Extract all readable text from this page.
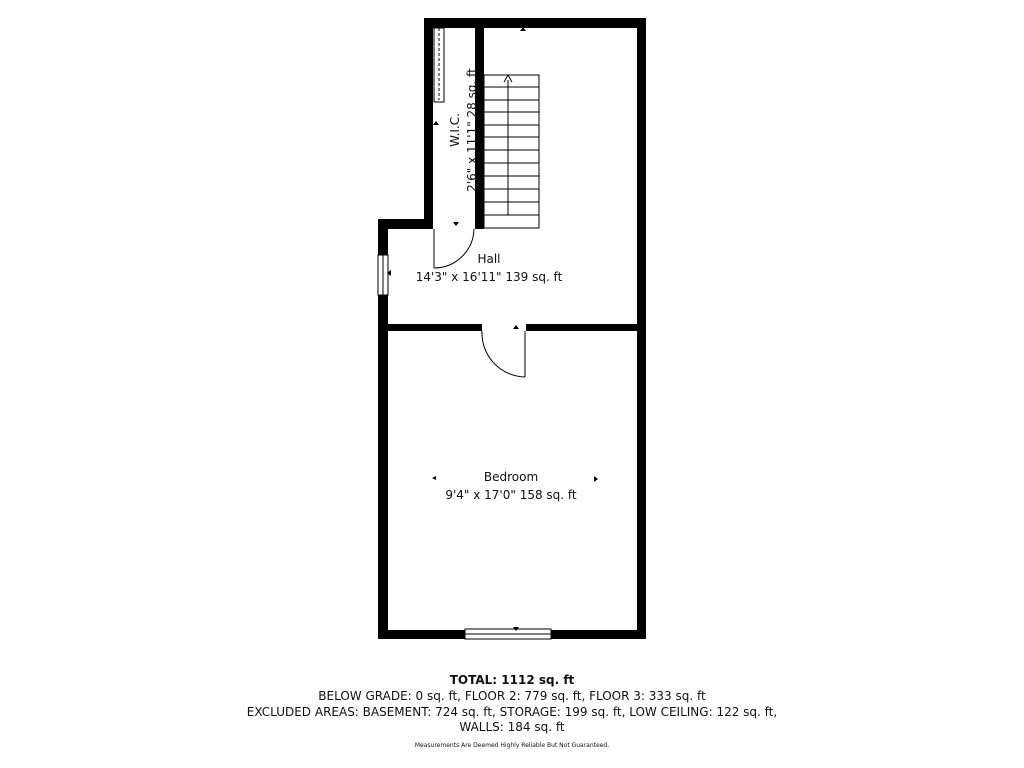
W.I.C. 2'6" x 11'1" 28 sq. ft
Hall
14'3" x 16'11" 139 sq. ft
Bedroom
9'4" x 17'0" 158 sq. ft
TOTAL: 1112 sq. ft
BELOW GRADE: 0 sq. ft, FLOOR 2: 779 sq. ft, FLOOR 3: 333 sq. ft
EXCLUDED AREAS: BASEMENT: 724 sq. ft, STORAGE: 199 sq. ft, LOW CEILING: 122 sq. ft,
WALLS: 184 sq. ft
Measurements Are Deemed Highly Reliable But Not Guaranteed.
